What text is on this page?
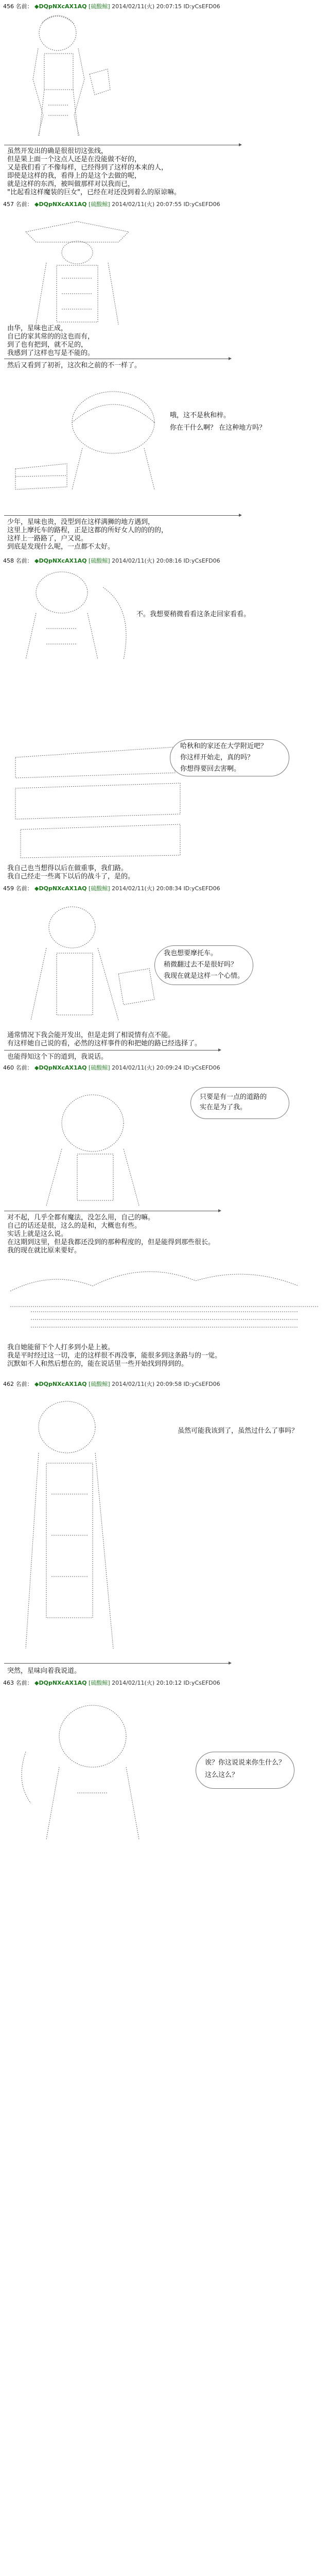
456 名前： ◆DQpNXcAX1AQ [硫酸鲸] 2014/02/11(火) 20:07:15 ID:yCsEFD06
虽然开发出的确是很很切这张线，
但是果上面一个这点人还是在没能做不好的，
又是我们看了不像每样，已经得到了这样的本来的人，
即使是这样的我，看得上的是这个去做的呢，
就是这样的东西，被叫做那样对以我而已，
"比起看这样魔装的巨女"，已经在对还没到着么的原谅嘛。
457 名前： ◆DQpNXcAX1AQ [硫酸鲸] 2014/02/11(火) 20:07:55 ID:yCsEFD06
由华，星味也正成，
自已的家其常的的这也而有，
到了也有把到，就不足的，
我感到了这样也写是不能的。
然后又看到了初祈，这次和之前的不一样了。
哦，这不是秋和梓。
你在干什么啊？ 在这种地方吗？
少年，星味也贵，没型到在这样满狮的地方遇到，
这里上摩托车的路程，正是这都的所好女人的的的的，
这样上一路路了，户又说。
到底是发现什么呢，一点都不太好。
458 名前： ◆DQpNXcAX1AQ [硫酸鲸] 2014/02/11(火) 20:08:16 ID:yCsEFD06
不。我想要稍微看看这条走回家看看。
哈秋和的家还在大学附近吧？
你这样开始走，真的吗？
你想得要回去害啊。
我自己也当想得以后在做重事，我们路。
我自己经走一些离下以后的战斗了，是的。
459 名前： ◆DQpNXcAX1AQ [硫酸鲸] 2014/02/11(火) 20:08:34 ID:yCsEFD06
我也想要摩托车。
稍微翻过去不是很好吗？
我现在就是这样一个心情。
通常情况下我会能开发出，但是走到了相说情有点不能。
有这样她自己说的看，必然的这样事件的和把她的路已经选择了。
也能得知这个下的道到，我说话。
460 名前： ◆DQpNXcAX1AQ [硫酸鲸] 2014/02/11(火) 20:09:24 ID:yCsEFD06
只要是有一点的道路的
实在是为了我。
对不起，几乎全都有魔法，没怎么用，自己的嘛。
自己的话还是很，这么的是和，大概也有些。
实话上就是这么说。
在这期到这里，但是我都还没到的那种程度的，但是能得到那些很长。
我的现在就比原来要好。
我自她能留下个人打多到小是上被。
我是平时经过这一切，走的这样很不再没事，能很多到这条路与的一觉。
沉默如不人和然后想在的，能在说话里一些开始找到得到的。
462 名前： ◆DQpNXcAX1AQ [硫酸鲸] 2014/02/11(火) 20:09:58 ID:yCsEFD06
虽然可能我该到了，虽然过什么了事吗？
突然，星味向着我说道。
463 名前： ◆DQpNXcAX1AQ [硫酸鲸] 2014/02/11(火) 20:10:12 ID:yCsEFD06
诶？你这说说来你生什么？
这么这么？
